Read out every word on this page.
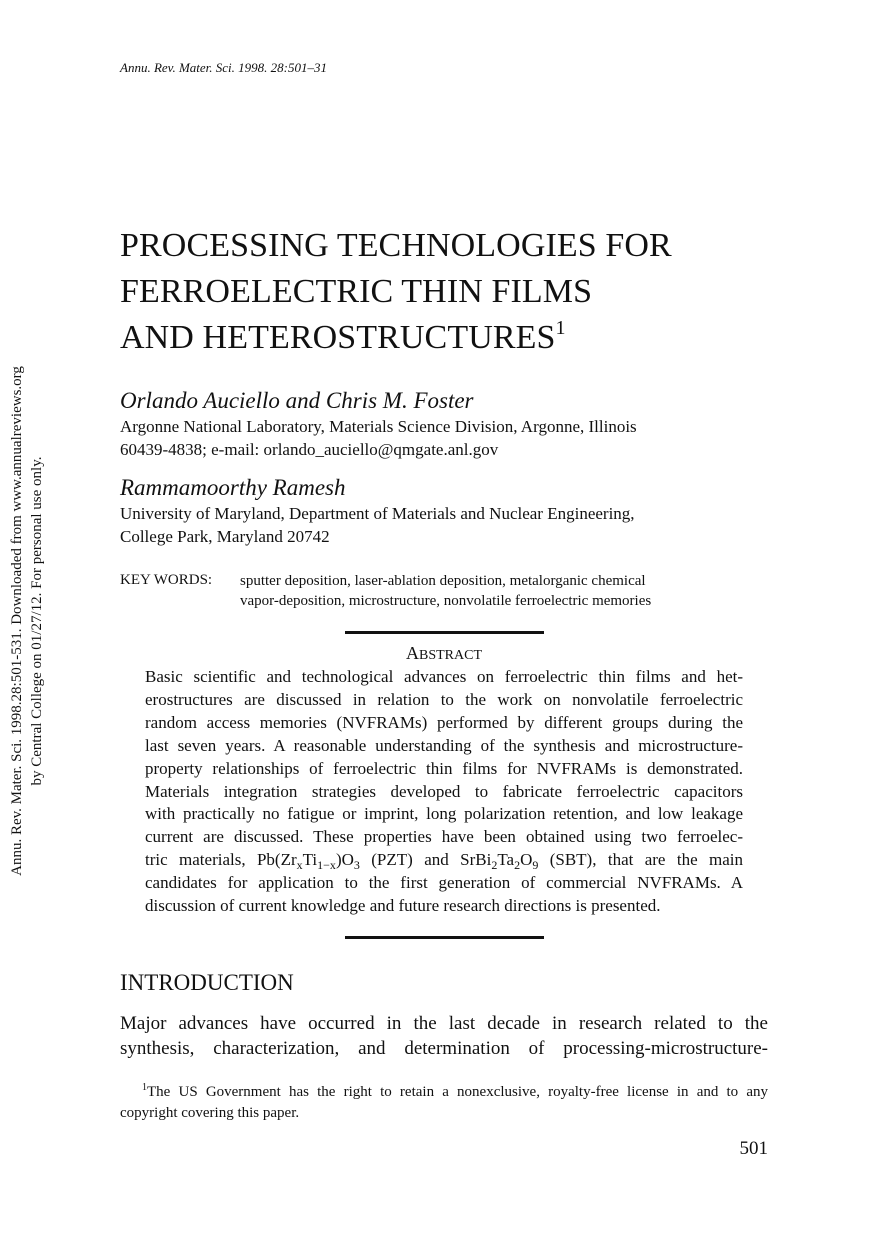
Annu. Rev. Mater. Sci. 1998. 28:501–31
PROCESSING TECHNOLOGIES FOR
FERROELECTRIC THIN FILMS
AND HETEROSTRUCTURES$^1$
Orlando Auciello and Chris M. Foster
Argonne National Laboratory, Materials Science Division, Argonne, Illinois
60439-4838; e-mail: orlando_auciello@qmgate.anl.gov
Rammamoorthy Ramesh
University of Maryland, Department of Materials and Nuclear Engineering,
College Park, Maryland 20742
KEY WORDS: sputter deposition, laser-ablation deposition, metalorganic chemical
vapor-deposition, microstructure, nonvolatile ferroelectric memories
ABSTRACT
Basic scientific and technological advances on ferroelectric thin films and het-
erostructures are discussed in relation to the work on nonvolatile ferroelectric
random access memories (NVFRAMs) performed by different groups during the
last seven years. A reasonable understanding of the synthesis and microstructure-
property relationships of ferroelectric thin films for NVFRAMs is demonstrated.
Materials integration strategies developed to fabricate ferroelectric capacitors
with practically no fatigue or imprint, long polarization retention, and low leakage
current are discussed. These properties have been obtained using two ferroelec-
tric materials, $Pb(Zr_xTi_{1-x})O_3$ (PZT) and $SrBi_2Ta_2O_9$ (SBT), that are the main
candidates for application to the first generation of commercial NVFRAMs. A
discussion of current knowledge and future research directions is presented.
INTRODUCTION
Major advances have occurred in the last decade in research related to the
synthesis, characterization, and determination of processing-microstructure-
$^1$The US Government has the right to retain a nonexclusive, royalty-free license in and to any
copyright covering this paper.
501
Annu. Rev. Mater. Sci. 1998.28:501-531. Downloaded from www.annualreviews.org by Central College on 01/27/12. For personal use only.
